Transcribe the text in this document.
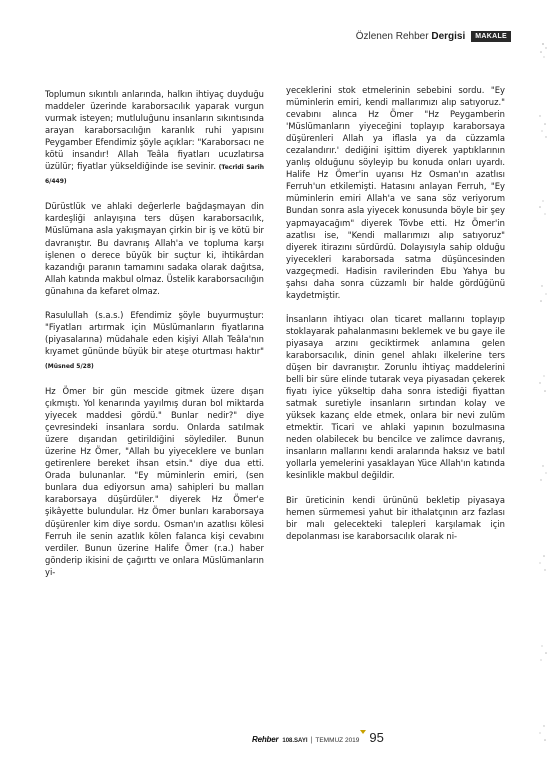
Özlenen Rehber Dergisi	MAKALE

Toplumun sıkıntılı anlarında, halkın ihtiyaç duyduğu maddeler üzerinde karaborsacılık yaparak vurgun vurmak isteyen; mutluluğunu insanların sıkıntısında arayan karaborsacılığın karanlık ruhi yapısını Peygamber Efendimiz şöyle açıklar: "Karaborsacı ne kötü insandır! Allah Teâla fiyatları ucuzlatırsa üzülür; fiyatlar yükseldiğinde ise sevinir. (Tecrîdi Sarih 6/449)

Dürüstlük ve ahlaki değerlerle bağdaşmayan din kardeşliği anlayışına ters düşen karaborsacılık, Müslümana asla yakışmayan çirkin bir iş ve kötü bir davranıştır. Bu davranış Allah'a ve topluma karşı işlenen o derece büyük bir suçtur ki, ihtikârdan kazandığı paranın tamamını sadaka olarak dağıtsa, Allah katında makbul olmaz. Üstelik karaborsacılığın günahına da kefaret olmaz.

Rasulullah (s.a.s.) Efendimiz şöyle buyurmuştur: "Fiyatları artırmak için Müslümanların fiyatlarına (piyasalarına) müdahale eden kişiyi Allah Teâla'nın kıyamet gününde büyük bir ateşe oturtması haktır" (Müsned 5/28)

Hz Ömer bir gün mescide gitmek üzere dışarı çıkmıştı. Yol kenarında yayılmış duran bol miktarda yiyecek maddesi gördü." Bunlar nedir?" diye çevresindeki insanlara sordu. Onlarda satılmak üzere dışarıdan getirildiğini söylediler. Bunun üzerine Hz Ömer, "Allah bu yiyeceklere ve bunları getirenlere bereket ihsan etsin." diye dua etti. Orada bulunanlar. "Ey müminlerin emiri, (sen bunlara dua ediyorsun ama) sahipleri bu malları karaborsaya düşürdüler." diyerek Hz Ömer'e şikâyette bulundular. Hz Ömer bunları karaborsaya düşürenler kim diye sordu. Osman'ın azatlısı kölesi Ferruh ile senin azatlık kölen falanca kişi cevabını verdiler. Bunun üzerine Halife Ömer (r.a.) haber gönderip ikisini de çağırttı ve onlara Müslümanların yi-

yeceklerini stok etmelerinin sebebini sordu. "Ey müminlerin emiri, kendi mallarımızı alıp satıyoruz." cevabını alınca Hz Ömer "Hz Peygamberin 'Müslümanların yiyeceğini toplayıp karaborsaya düşürenleri Allah ya iflasla ya da cüzzamla cezalandırır.' dediğini işittim diyerek yaptıklarının yanlış olduğunu söyleyip bu konuda onları uyardı. Halife Hz Ömer'in uyarısı Hz Osman'ın azatlısı Ferruh'un etkilemişti. Hatasını anlayan Ferruh, "Ey müminlerin emiri Allah'a ve sana söz veriyorum Bundan sonra asla yiyecek konusunda böyle bir şey yapmayacağım" diyerek Tövbe etti. Hz Ömer'in azatlısı ise, "Kendi mallarımızı alıp satıyoruz" diyerek itirazını sürdürdü. Dolayısıyla sahip olduğu yiyecekleri karaborsada satma düşüncesinden vazgeçmedi. Hadisin ravilerinden Ebu Yahya bu şahsı daha sonra cüzzamlı bir halde gördüğünü kaydetmiştir.

İnsanların ihtiyacı olan ticaret mallarını toplayıp stoklayarak pahalanmasını beklemek ve bu gaye ile piyasaya arzını geciktirmek anlamına gelen karaborsacılık, dinin genel ahlakı ilkelerine ters düşen bir davranıştır. Zorunlu ihtiyaç maddelerini belli bir süre elinde tutarak veya piyasadan çekerek fiyatı iyice yükseltip daha sonra istediği fiyattan satmak suretiyle insanların sırtından kolay ve yüksek kazanç elde etmek, onlara bir nevi zulüm etmektir. Ticari ve ahlaki yapının bozulmasına neden olabilecek bu bencilce ve zalimce davranış, insanların mallarını kendi aralarında haksız ve batıl yollarla yemelerini yasaklayan Yüce Allah'ın katında kesinlikle makbul değildir.

Bir üreticinin kendi ürününü bekletip piyasaya hemen sürmemesi yahut bir ithalatçının arz fazlası bir malı gelecekteki talepleri karşılamak için depolanması ise karaborsacılık olarak ni-

Rehber 108.SAYI | TEMMUZ 2019 95
